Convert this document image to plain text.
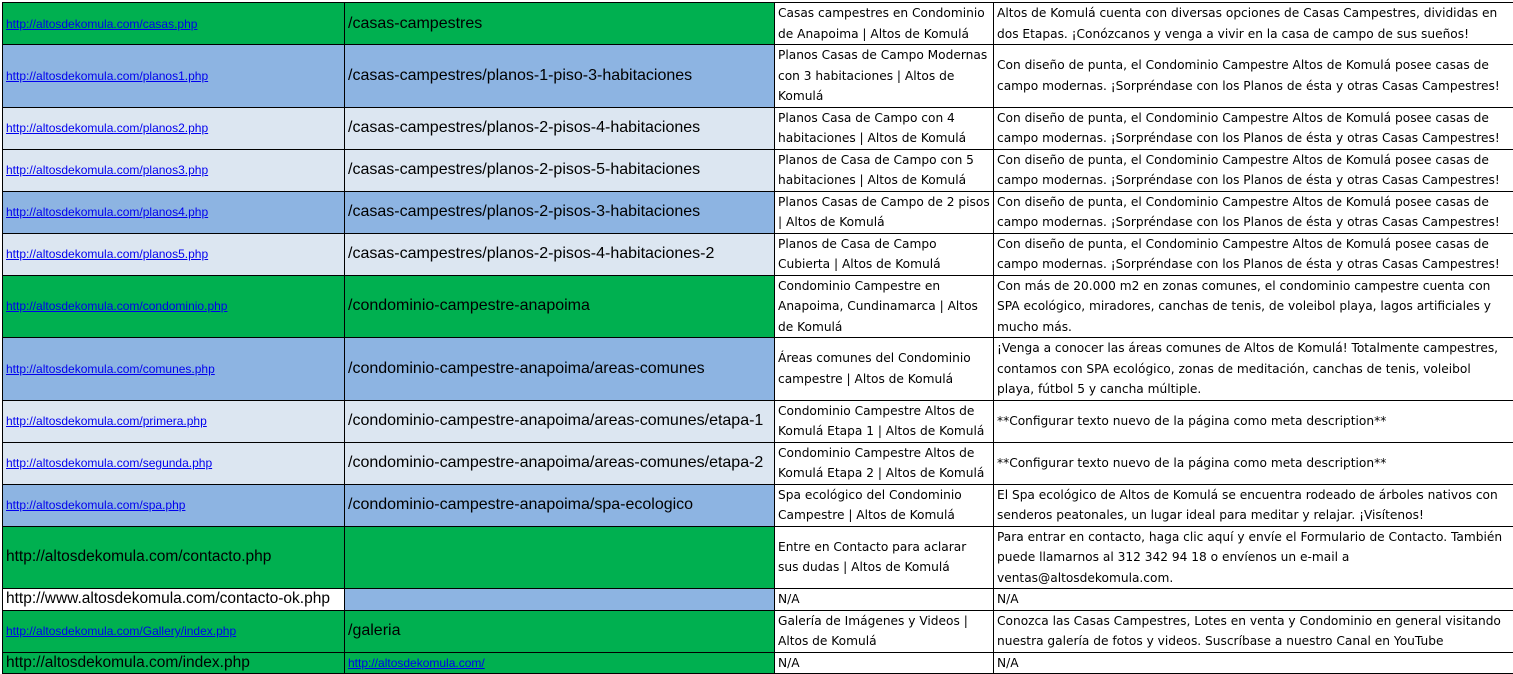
http://altosdekomula.com/casas.php	/casas-campestres	Casas campestres en Condominio de Anapoima | Altos de Komulá	Altos de Komulá cuenta con diversas opciones de Casas Campestres, divididas en dos Etapas. ¡Conózcanos y venga a vivir en la casa de campo de sus sueños!
http://altosdekomula.com/planos1.php	/casas-campestres/planos-1-piso-3-habitaciones	Planos Casas de Campo Modernas con 3 habitaciones | Altos de Komulá	Con diseño de punta, el Condominio Campestre Altos de Komulá posee casas de campo modernas. ¡Sorpréndase con los Planos de ésta y otras Casas Campestres!
http://altosdekomula.com/planos2.php	/casas-campestres/planos-2-pisos-4-habitaciones	Planos Casa de Campo con 4 habitaciones | Altos de Komulá	Con diseño de punta, el Condominio Campestre Altos de Komulá posee casas de campo modernas. ¡Sorpréndase con los Planos de ésta y otras Casas Campestres!
http://altosdekomula.com/planos3.php	/casas-campestres/planos-2-pisos-5-habitaciones	Planos de Casa de Campo con 5 habitaciones | Altos de Komulá	Con diseño de punta, el Condominio Campestre Altos de Komulá posee casas de campo modernas. ¡Sorpréndase con los Planos de ésta y otras Casas Campestres!
http://altosdekomula.com/planos4.php	/casas-campestres/planos-2-pisos-3-habitaciones	Planos Casas de Campo de 2 pisos | Altos de Komulá	Con diseño de punta, el Condominio Campestre Altos de Komulá posee casas de campo modernas. ¡Sorpréndase con los Planos de ésta y otras Casas Campestres!
http://altosdekomula.com/planos5.php	/casas-campestres/planos-2-pisos-4-habitaciones-2	Planos de Casa de Campo Cubierta | Altos de Komulá	Con diseño de punta, el Condominio Campestre Altos de Komulá posee casas de campo modernas. ¡Sorpréndase con los Planos de ésta y otras Casas Campestres!
http://altosdekomula.com/condominio.php	/condominio-campestre-anapoima	Condominio Campestre en Anapoima, Cundinamarca | Altos de Komulá	Con más de 20.000 m2 en zonas comunes, el condominio campestre cuenta con SPA ecológico, miradores, canchas de tenis, de voleibol playa, lagos artificiales y mucho más.
http://altosdekomula.com/comunes.php	/condominio-campestre-anapoima/areas-comunes	Áreas comunes del Condominio campestre | Altos de Komulá	¡Venga a conocer las áreas comunes de Altos de Komulá! Totalmente campestres, contamos con SPA ecológico, zonas de meditación, canchas de tenis, voleibol playa, fútbol 5 y cancha múltiple.
http://altosdekomula.com/primera.php	/condominio-campestre-anapoima/areas-comunes/etapa-1	Condominio Campestre Altos de Komulá Etapa 1 | Altos de Komulá	**Configurar texto nuevo de la página como meta description**
http://altosdekomula.com/segunda.php	/condominio-campestre-anapoima/areas-comunes/etapa-2	Condominio Campestre Altos de Komulá Etapa 2 | Altos de Komulá	**Configurar texto nuevo de la página como meta description**
http://altosdekomula.com/spa.php	/condominio-campestre-anapoima/spa-ecologico	Spa ecológico del Condominio Campestre | Altos de Komulá	El Spa ecológico de Altos de Komulá se encuentra rodeado de árboles nativos con senderos peatonales, un lugar ideal para meditar y relajar. ¡Visítenos!
http://altosdekomula.com/contacto.php		Entre en Contacto para aclarar sus dudas | Altos de Komulá	Para entrar en contacto, haga clic aquí y envíe el Formulario de Contacto. También puede llamarnos al 312 342 94 18 o envíenos un e-mail a ventas@altosdekomula.com.
http://www.altosdekomula.com/contacto-ok.php		N/A	N/A
http://altosdekomula.com/Gallery/index.php	/galeria	Galería de Imágenes y Videos | Altos de Komulá	Conozca las Casas Campestres, Lotes en venta y Condominio en general visitando nuestra galería de fotos y videos. Suscríbase a nuestro Canal en YouTube
http://altosdekomula.com/index.php	http://altosdekomula.com/	N/A	N/A
